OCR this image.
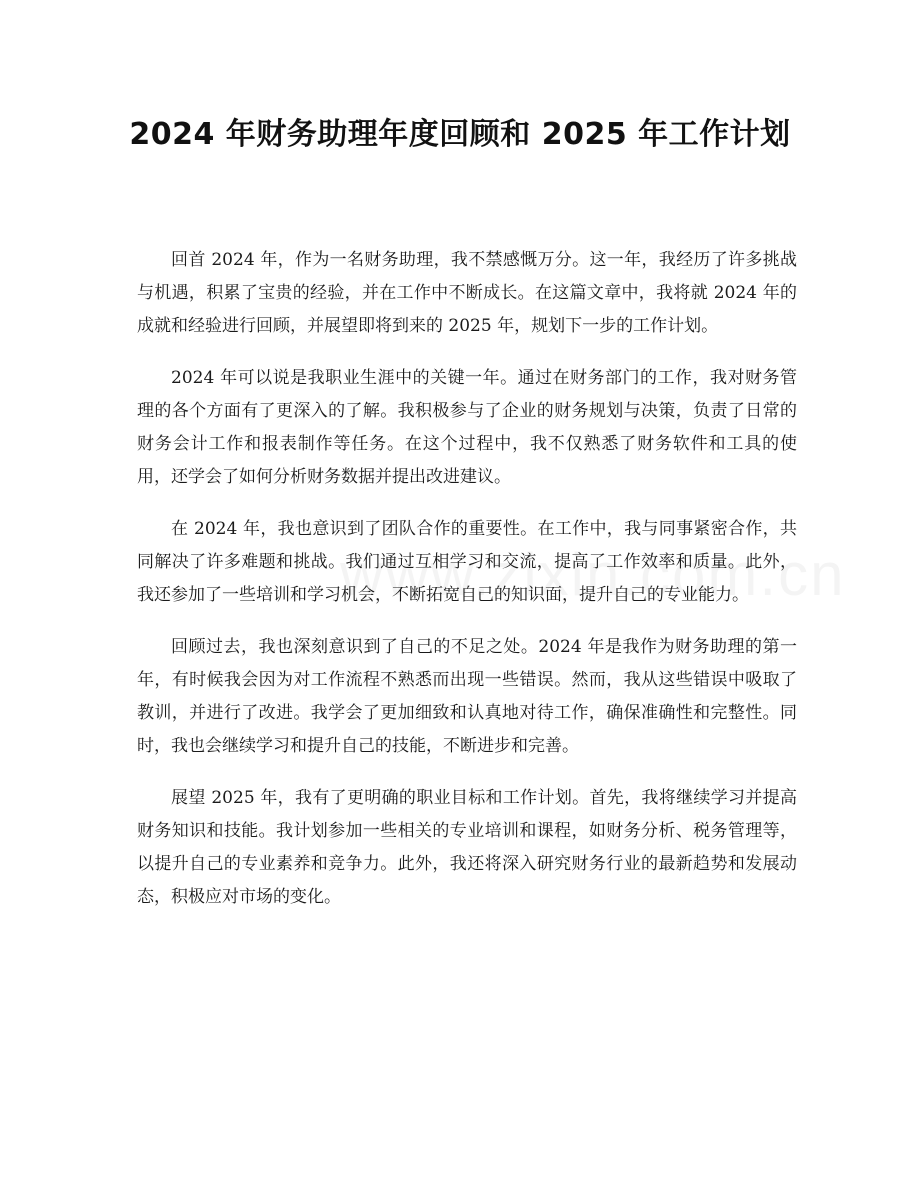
2024 年财务助理年度回顾和 2025 年工作计划

回首 2024 年，作为一名财务助理，我不禁感慨万分。这一年，我经历了许多挑战与机遇，积累了宝贵的经验，并在工作中不断成长。在这篇文章中，我将就 2024 年的成就和经验进行回顾，并展望即将到来的 2025 年，规划下一步的工作计划。

2024 年可以说是我职业生涯中的关键一年。通过在财务部门的工作，我对财务管理的各个方面有了更深入的了解。我积极参与了企业的财务规划与决策，负责了日常的财务会计工作和报表制作等任务。在这个过程中，我不仅熟悉了财务软件和工具的使用，还学会了如何分析财务数据并提出改进建议。

在 2024 年，我也意识到了团队合作的重要性。在工作中，我与同事紧密合作，共同解决了许多难题和挑战。我们通过互相学习和交流，提高了工作效率和质量。此外，我还参加了一些培训和学习机会，不断拓宽自己的知识面，提升自己的专业能力。

回顾过去，我也深刻意识到了自己的不足之处。2024 年是我作为财务助理的第一年，有时候我会因为对工作流程不熟悉而出现一些错误。然而，我从这些错误中吸取了教训，并进行了改进。我学会了更加细致和认真地对待工作，确保准确性和完整性。同时，我也会继续学习和提升自己的技能，不断进步和完善。

展望 2025 年，我有了更明确的职业目标和工作计划。首先，我将继续学习并提高财务知识和技能。我计划参加一些相关的专业培训和课程，如财务分析、税务管理等，以提升自己的专业素养和竞争力。此外，我还将深入研究财务行业的最新趋势和发展动态，积极应对市场的变化。
